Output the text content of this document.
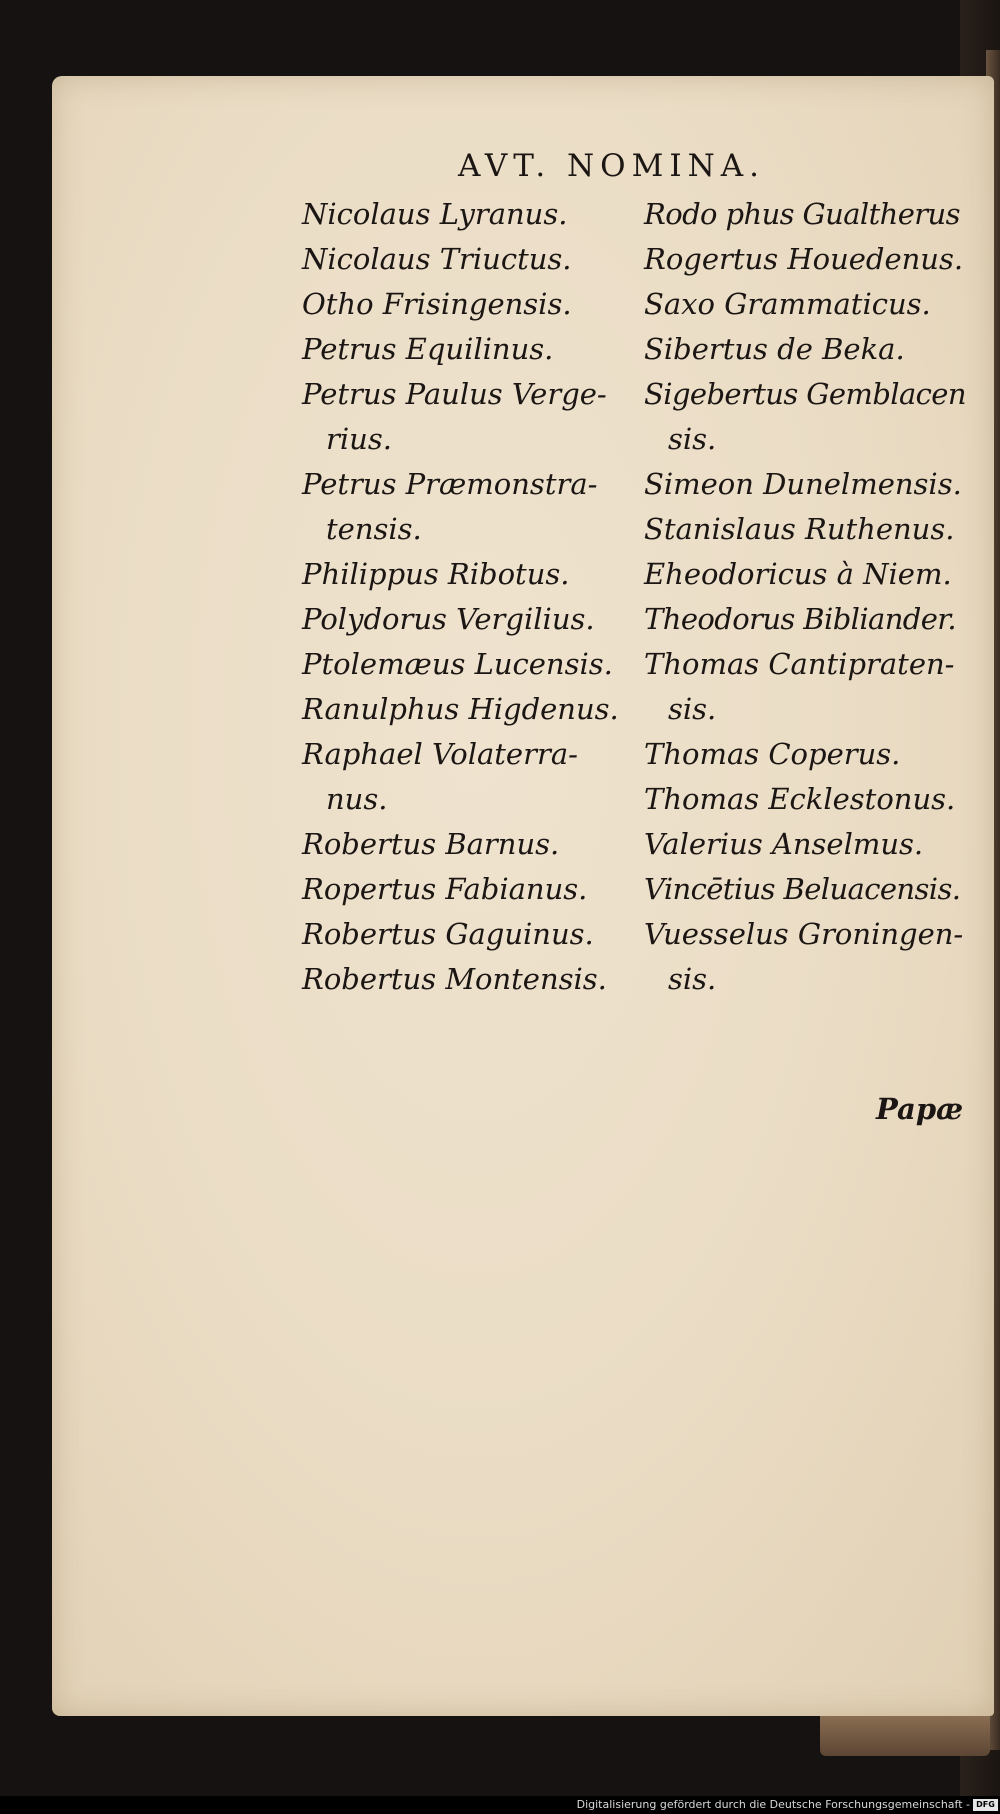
AVT. NOMINA.
Nicolaus Lyranus.
Nicolaus Triuctus.
Otho Frisingensis.
Petrus Equilinus.
Petrus Paulus Verge-
rius.
Petrus Præmonstra-
tensis.
Philippus Ribotus.
Polydorus Vergilius.
Ptolemæus Lucensis.
Ranulphus Higdenus.
Raphael Volaterra-
nus.
Robertus Barnus.
Ropertus Fabianus.
Robertus Gaguinus.
Robertus Montensis.
Rodo phus Gualtherus
Rogertus Houedenus.
Saxo Grammaticus.
Sibertus de Beka.
Sigebertus Gemblacen
sis.
Simeon Dunelmensis.
Stanislaus Ruthenus.
Eheodoricus à Niem.
Theodorus Bibliander.
Thomas Cantipraten-
sis.
Thomas Coperus.
Thomas Ecklestonus.
Valerius Anselmus.
Vincētius Beluacensis.
Vuesselus Groningen-
sis.
Papæ
Digitalisierung gefördert durch die Deutsche Forschungsgemeinschaft - DFG
